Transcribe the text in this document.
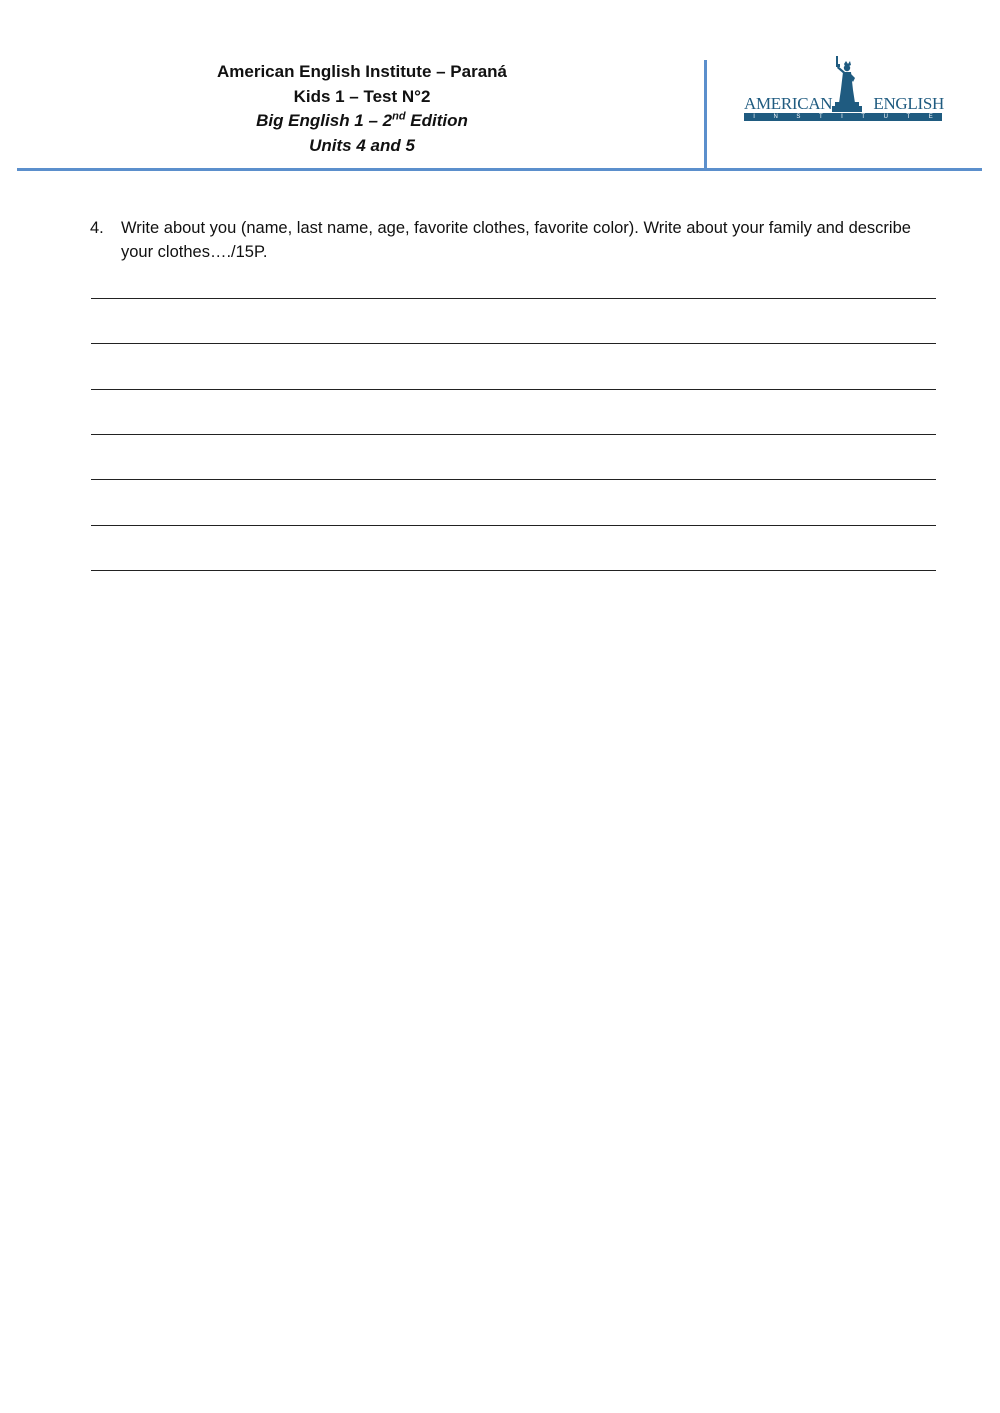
American English Institute – Paraná
Kids 1 – Test N°2
Big English 1 – 2nd Edition
Units 4 and 5
AMERICAN ENGLISH
I	N	S	T	I	T	U	T	E
4. Write about you (name, last name, age, favorite clothes, favorite color). Write about your family and describe your clothes…./15P.
